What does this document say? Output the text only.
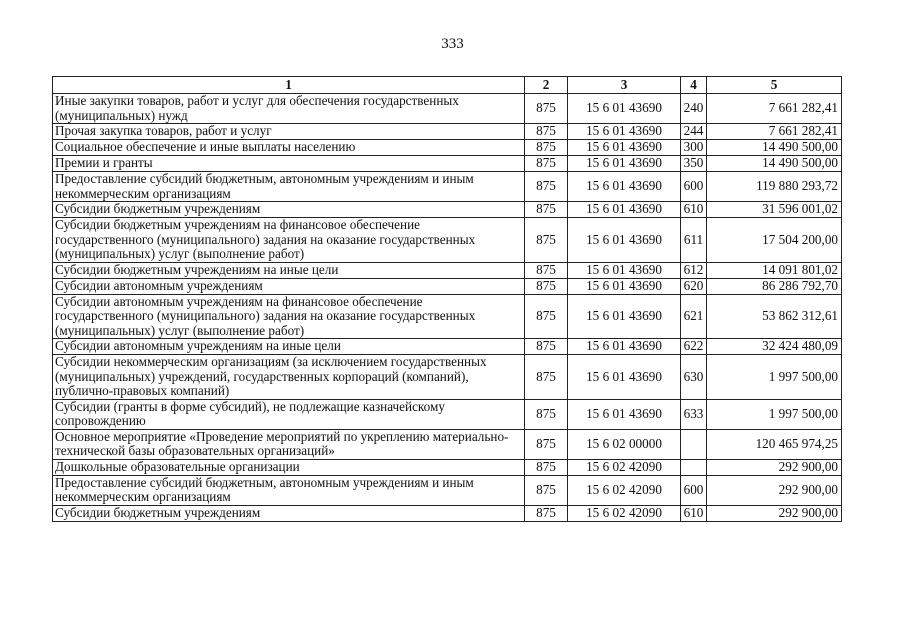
333
1	2	3	4	5
Иные закупки товаров, работ и услуг для обеспечения государственных (муниципальных) нужд	875	15 6 01 43690	240	7 661 282,41
Прочая закупка товаров, работ и услуг	875	15 6 01 43690	244	7 661 282,41
Социальное обеспечение и иные выплаты населению	875	15 6 01 43690	300	14 490 500,00
Премии и гранты	875	15 6 01 43690	350	14 490 500,00
Предоставление субсидий бюджетным, автономным учреждениям и иным некоммерческим организациям	875	15 6 01 43690	600	119 880 293,72
Субсидии бюджетным учреждениям	875	15 6 01 43690	610	31 596 001,02
Субсидии бюджетным учреждениям на финансовое обеспечение государственного (муниципального) задания на оказание государственных (муниципальных) услуг (выполнение работ)	875	15 6 01 43690	611	17 504 200,00
Субсидии бюджетным учреждениям на иные цели	875	15 6 01 43690	612	14 091 801,02
Субсидии автономным учреждениям	875	15 6 01 43690	620	86 286 792,70
Субсидии автономным учреждениям на финансовое обеспечение государственного (муниципального) задания на оказание государственных (муниципальных) услуг (выполнение работ)	875	15 6 01 43690	621	53 862 312,61
Субсидии автономным учреждениям на иные цели	875	15 6 01 43690	622	32 424 480,09
Субсидии некоммерческим организациям (за исключением государственных (муниципальных) учреждений, государственных корпораций (компаний), публично-правовых компаний)	875	15 6 01 43690	630	1 997 500,00
Субсидии (гранты в форме субсидий), не подлежащие казначейскому сопровождению	875	15 6 01 43690	633	1 997 500,00
Основное мероприятие «Проведение мероприятий по укреплению материально-технической базы образовательных организаций»	875	15 6 02 00000		120 465 974,25
Дошкольные образовательные организации	875	15 6 02 42090		292 900,00
Предоставление субсидий бюджетным, автономным учреждениям и иным некоммерческим организациям	875	15 6 02 42090	600	292 900,00
Субсидии бюджетным учреждениям	875	15 6 02 42090	610	292 900,00
